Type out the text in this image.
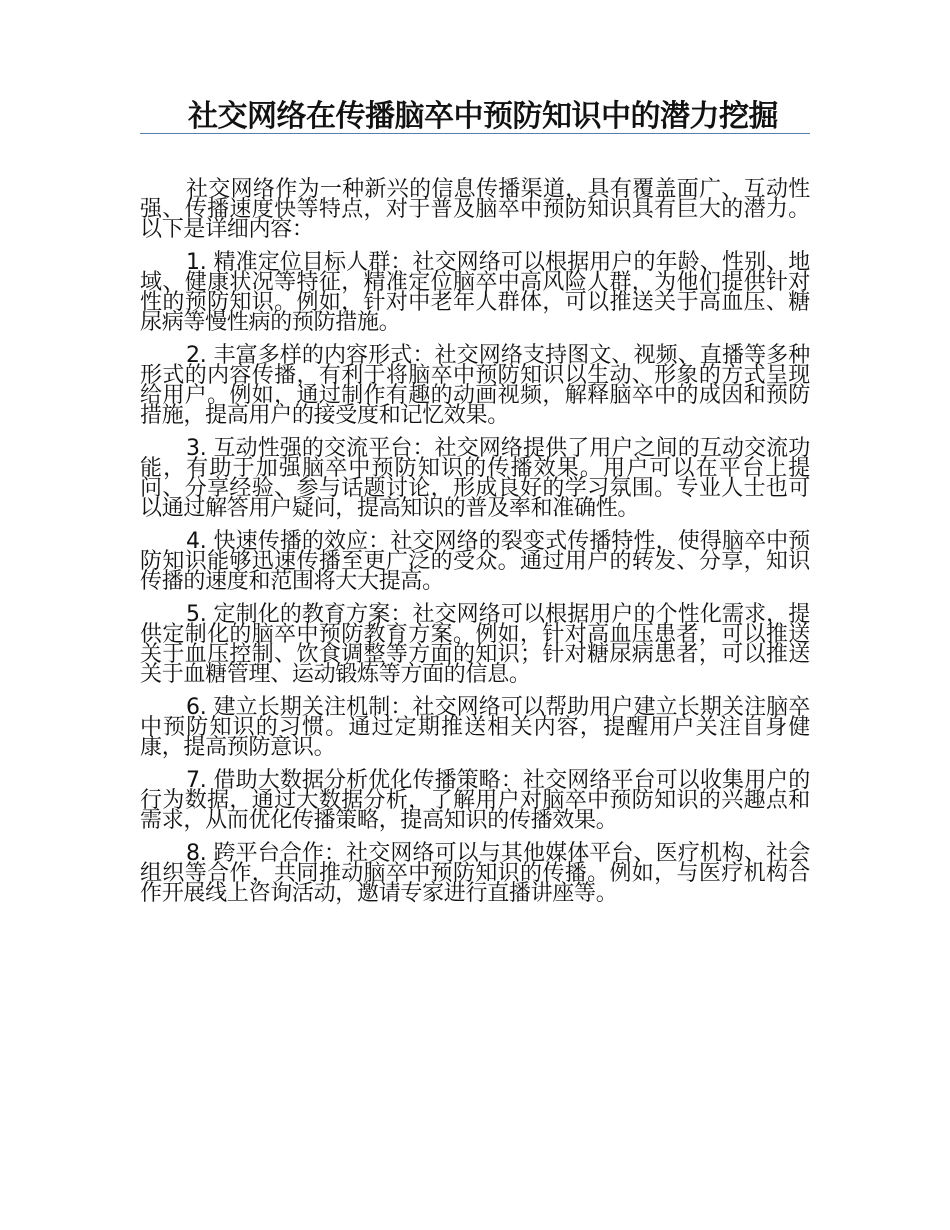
社交网络在传播脑卒中预防知识中的潜力挖掘

社交网络作为一种新兴的信息传播渠道，具有覆盖面广、互动性强、传播速度快等特点，对于普及脑卒中预防知识具有巨大的潜力。以下是详细内容：

1. 精准定位目标人群：社交网络可以根据用户的年龄、性别、地域、健康状况等特征，精准定位脑卒中高风险人群，为他们提供针对性的预防知识。例如，针对中老年人群体，可以推送关于高血压、糖尿病等慢性病的预防措施。

2. 丰富多样的内容形式：社交网络支持图文、视频、直播等多种形式的内容传播，有利于将脑卒中预防知识以生动、形象的方式呈现给用户。例如，通过制作有趣的动画视频，解释脑卒中的成因和预防措施，提高用户的接受度和记忆效果。

3. 互动性强的交流平台：社交网络提供了用户之间的互动交流功能，有助于加强脑卒中预防知识的传播效果。用户可以在平台上提问、分享经验、参与话题讨论，形成良好的学习氛围。专业人士也可以通过解答用户疑问，提高知识的普及率和准确性。

4. 快速传播的效应：社交网络的裂变式传播特性，使得脑卒中预防知识能够迅速传播至更广泛的受众。通过用户的转发、分享，知识传播的速度和范围将大大提高。

5. 定制化的教育方案：社交网络可以根据用户的个性化需求，提供定制化的脑卒中预防教育方案。例如，针对高血压患者，可以推送关于血压控制、饮食调整等方面的知识；针对糖尿病患者，可以推送关于血糖管理、运动锻炼等方面的信息。

6. 建立长期关注机制：社交网络可以帮助用户建立长期关注脑卒中预防知识的习惯。通过定期推送相关内容，提醒用户关注自身健康，提高预防意识。

7. 借助大数据分析优化传播策略：社交网络平台可以收集用户的行为数据，通过大数据分析，了解用户对脑卒中预防知识的兴趣点和需求，从而优化传播策略，提高知识的传播效果。

8. 跨平台合作：社交网络可以与其他媒体平台、医疗机构、社会组织等合作，共同推动脑卒中预防知识的传播。例如，与医疗机构合作开展线上咨询活动，邀请专家进行直播讲座等。
